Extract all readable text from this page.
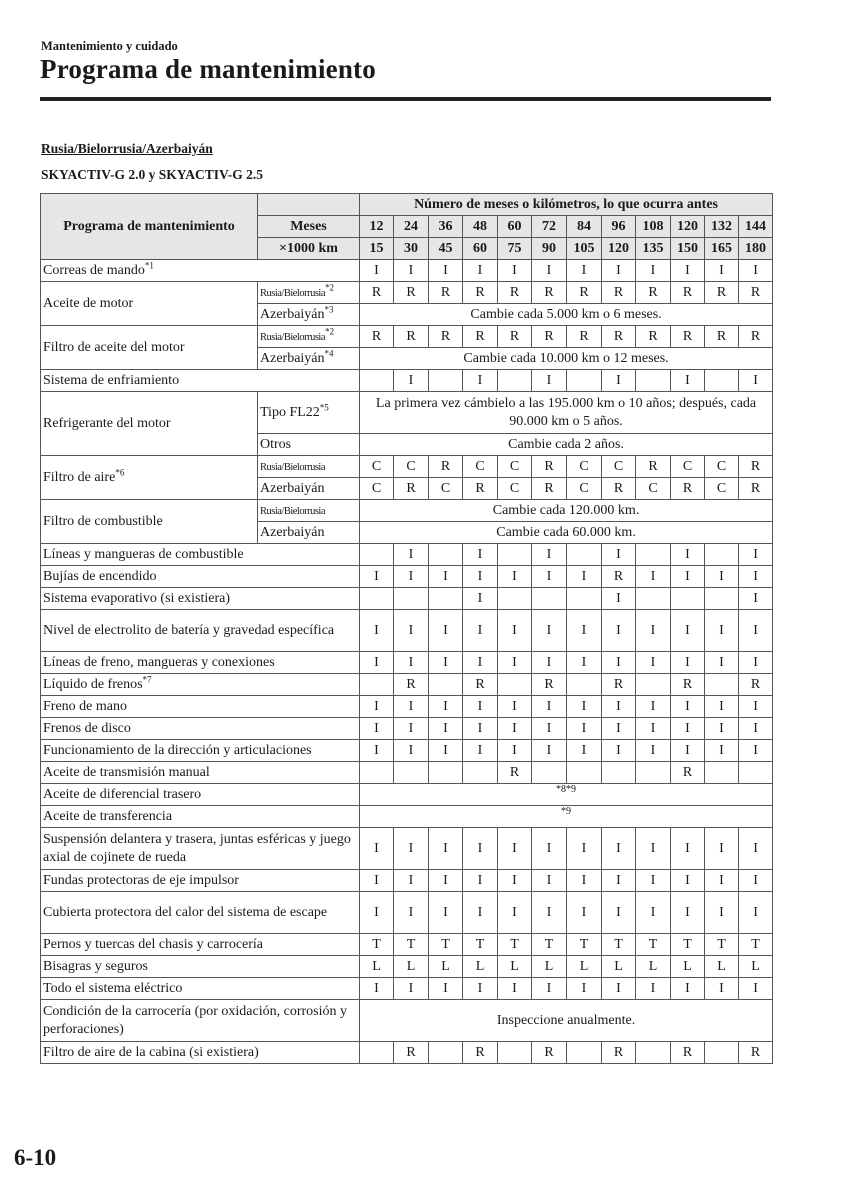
Mantenimiento y cuidado
Programa de mantenimiento
Rusia/Bielorrusia/Azerbaiyán
SKYACTIV-G 2.0 y SKYACTIV-G 2.5
Programa de mantenimiento		Número de meses o kilómetros, lo que ocurra antes											
	Meses	12	24	36	48	60	72	84	96	108	120	132	144
	×1000 km	15	30	45	60	75	90	105	120	135	150	165	180
Correas de mando$^{*1}$		I	I	I	I	I	I	I	I	I	I	I	I
Aceite de motor	Rusia/Bielorrusia$^{*2}$	R	R	R	R	R	R	R	R	R	R	R	R
	Azerbaiyán$^{*3}$	Cambie cada 5.000 km o 6 meses.											
Filtro de aceite del motor	Rusia/Bielorrusia$^{*2}$	R	R	R	R	R	R	R	R	R	R	R	R
	Azerbaiyán$^{*4}$	Cambie cada 10.000 km o 12 meses.											
Sistema de enfriamiento			I		I		I		I		I		I
Refrigerante del motor	Tipo FL22$^{*5}$	La primera vez cámbielo a las 195.000 km o 10 años; después, cada 90.000 km o 5 años.											
	Otros	Cambie cada 2 años.											
Filtro de aire$^{*6}$	Rusia/Bielorrusia	C	C	R	C	C	R	C	C	R	C	C	R
	Azerbaiyán	C	R	C	R	C	R	C	R	C	R	C	R
Filtro de combustible	Rusia/Bielorrusia	Cambie cada 120.000 km.											
	Azerbaiyán	Cambie cada 60.000 km.											
Líneas y mangueras de combustible			I		I		I		I		I		I
Bujías de encendido		I	I	I	I	I	I	I	R	I	I	I	I
Sistema evaporativo (si existiera)					I				I				I
Nivel de electrolito de batería y gravedad específica		I	I	I	I	I	I	I	I	I	I	I	I
Líneas de freno, mangueras y conexiones		I	I	I	I	I	I	I	I	I	I	I	I
Líquido de frenos$^{*7}$			R		R		R		R		R		R
Freno de mano		I	I	I	I	I	I	I	I	I	I	I	I
Frenos de disco		I	I	I	I	I	I	I	I	I	I	I	I
Funcionamiento de la dirección y articulaciones		I	I	I	I	I	I	I	I	I	I	I	I
Aceite de transmisión manual						R					R		
Aceite de diferencial trasero		$^{*8*9}$
Aceite de transferencia		$^{*9}$
Suspensión delantera y trasera, juntas esféricas y juego axial de cojinete de rueda		I	I	I	I	I	I	I	I	I	I	I	I
Fundas protectoras de eje impulsor		I	I	I	I	I	I	I	I	I	I	I	I
Cubierta protectora del calor del sistema de escape		I	I	I	I	I	I	I	I	I	I	I	I
Pernos y tuercas del chasis y carrocería		T	T	T	T	T	T	T	T	T	T	T	T
Bisagras y seguros		L	L	L	L	L	L	L	L	L	L	L	L
Todo el sistema eléctrico		I	I	I	I	I	I	I	I	I	I	I	I
Condición de la carrocería (por oxidación, corrosión y perforaciones)		Inspeccione anualmente.											
Filtro de aire de la cabina (si existiera)			R		R		R		R		R		R
6-10
